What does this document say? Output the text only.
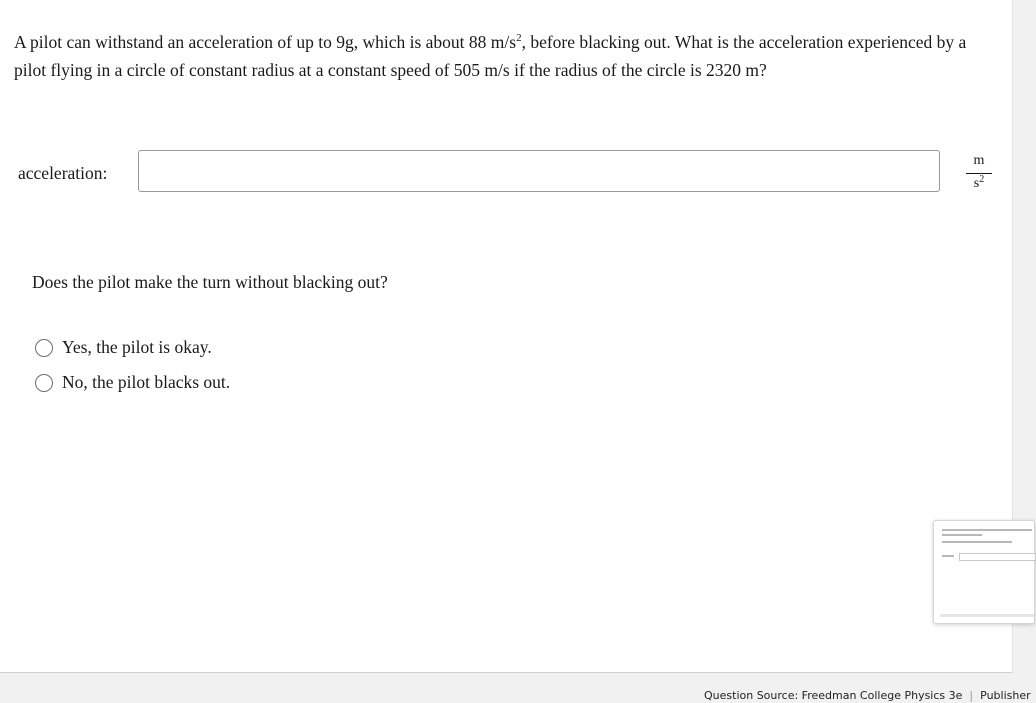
A pilot can withstand an acceleration of up to 9g, which is about 88 $m/s^2$, before blacking out. What is the acceleration experienced by a pilot flying in a circle of constant radius at a constant speed of 505 m/s if the radius of the circle is 2320 m?

acceleration:
m
$s^2$
Does the pilot make the turn without blacking out?
Yes, the pilot is okay.
No, the pilot blacks out.
Question Source: Freedman College Physics 3e | Publisher
